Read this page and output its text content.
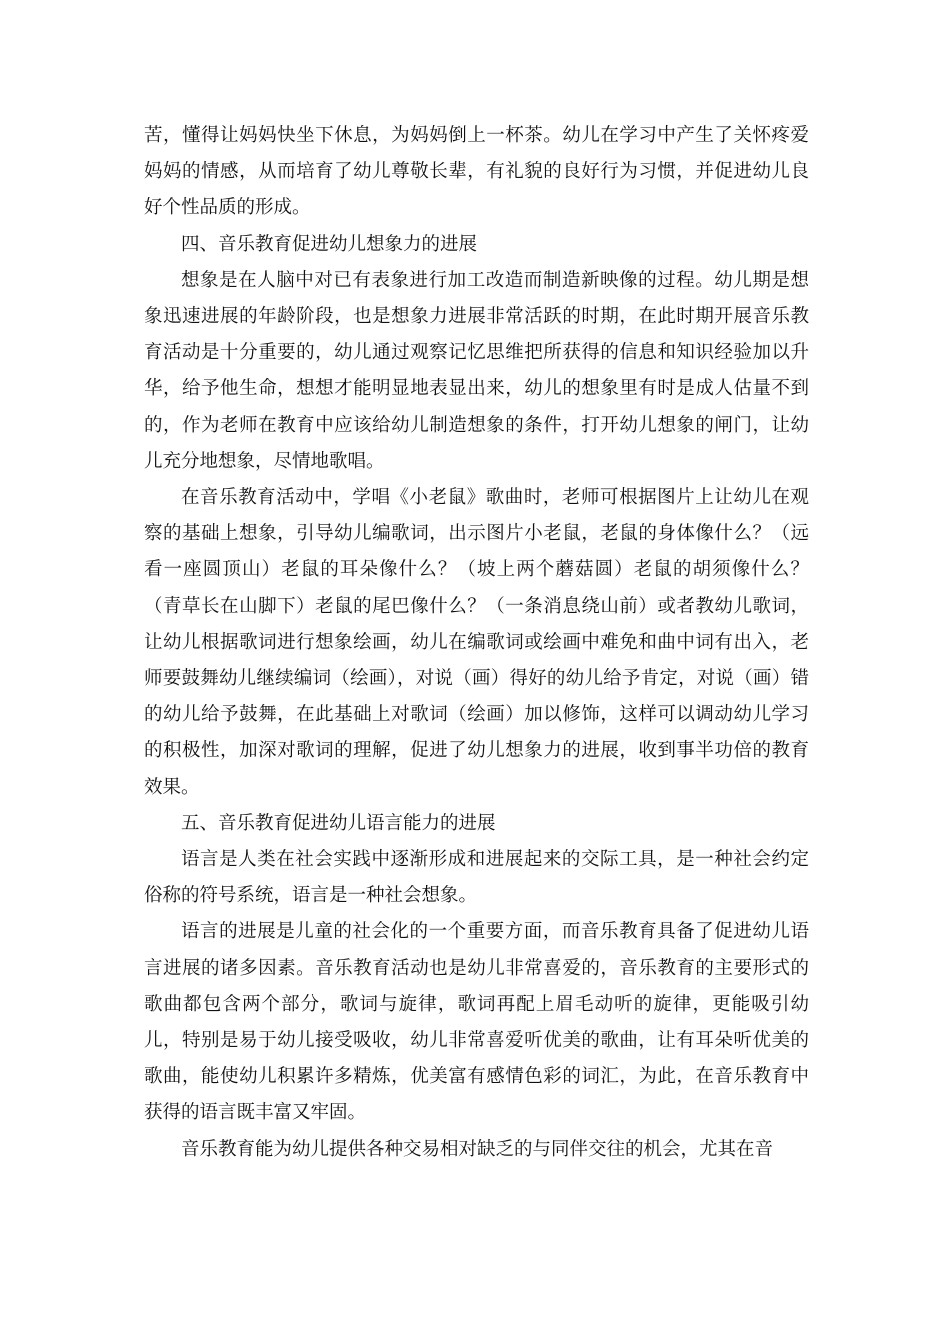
苦，懂得让妈妈快坐下休息，为妈妈倒上一杯茶。幼儿在学习中产生了关怀疼爱妈妈的情感，从而培育了幼儿尊敬长辈，有礼貌的良好行为习惯，并促进幼儿良好个性品质的形成。

四、音乐教育促进幼儿想象力的进展

想象是在人脑中对已有表象进行加工改造而制造新映像的过程。幼儿期是想象迅速进展的年龄阶段，也是想象力进展非常活跃的时期，在此时期开展音乐教育活动是十分重要的，幼儿通过观察记忆思维把所获得的信息和知识经验加以升华，给予他生命，想想才能明显地表显出来，幼儿的想象里有时是成人估量不到的，作为老师在教育中应该给幼儿制造想象的条件，打开幼儿想象的闸门，让幼儿充分地想象，尽情地歌唱。

在音乐教育活动中，学唱《小老鼠》歌曲时，老师可根据图片上让幼儿在观察的基础上想象，引导幼儿编歌词，出示图片小老鼠，老鼠的身体像什么？（远看一座圆顶山）老鼠的耳朵像什么？（坡上两个蘑菇圆）老鼠的胡须像什么？（青草长在山脚下）老鼠的尾巴像什么？（一条消息绕山前）或者教幼儿歌词，让幼儿根据歌词进行想象绘画，幼儿在编歌词或绘画中难免和曲中词有出入，老师要鼓舞幼儿继续编词（绘画），对说（画）得好的幼儿给予肯定，对说（画）错的幼儿给予鼓舞，在此基础上对歌词（绘画）加以修饰，这样可以调动幼儿学习的积极性，加深对歌词的理解，促进了幼儿想象力的进展，收到事半功倍的教育效果。

五、音乐教育促进幼儿语言能力的进展

语言是人类在社会实践中逐渐形成和进展起来的交际工具，是一种社会约定俗称的符号系统，语言是一种社会想象。

语言的进展是儿童的社会化的一个重要方面，而音乐教育具备了促进幼儿语言进展的诸多因素。音乐教育活动也是幼儿非常喜爱的，音乐教育的主要形式的歌曲都包含两个部分，歌词与旋律，歌词再配上眉毛动听的旋律，更能吸引幼儿，特别是易于幼儿接受吸收，幼儿非常喜爱听优美的歌曲，让有耳朵听优美的歌曲，能使幼儿积累许多精炼，优美富有感情色彩的词汇，为此，在音乐教育中获得的语言既丰富又牢固。

音乐教育能为幼儿提供各种交易相对缺乏的与同伴交往的机会，尤其在音
